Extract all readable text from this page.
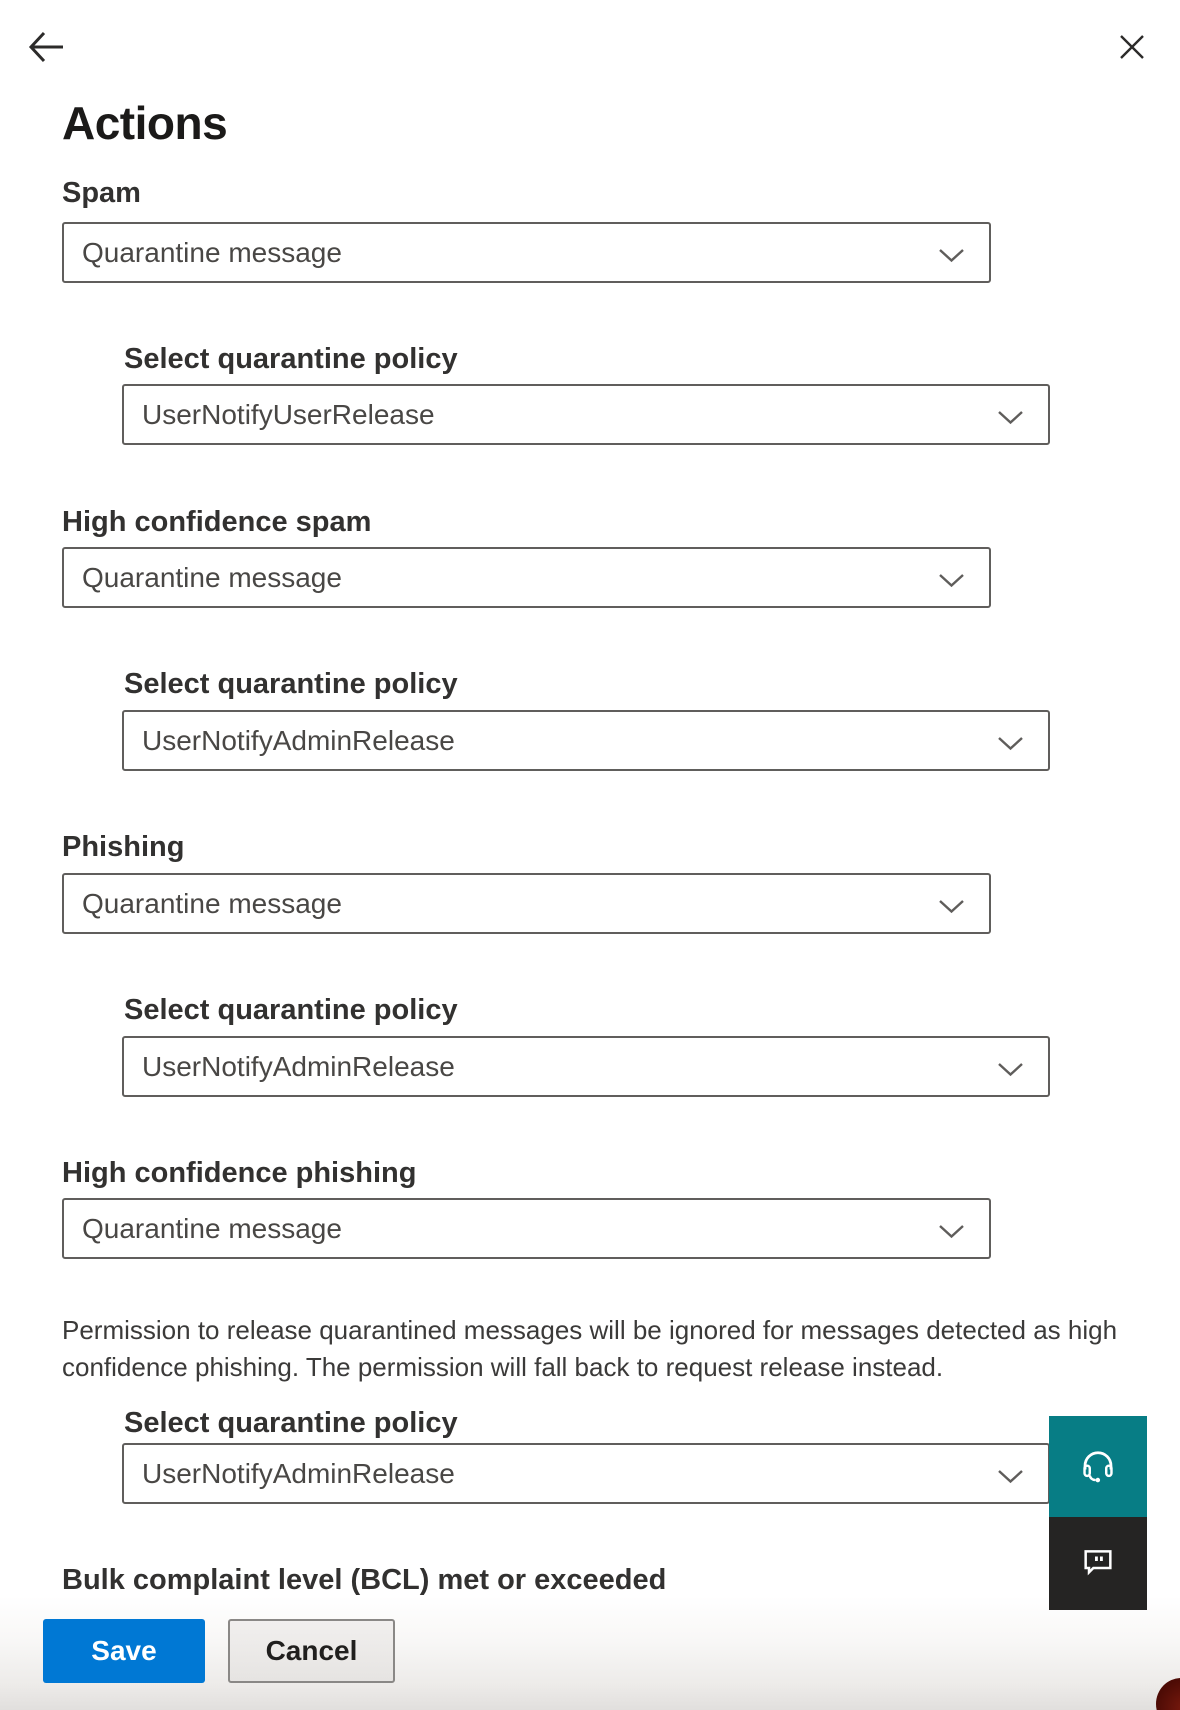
Actions
Spam
Quarantine message
Select quarantine policy
UserNotifyUserRelease
High confidence spam
Quarantine message
Select quarantine policy
UserNotifyAdminRelease
Phishing
Quarantine message
Select quarantine policy
UserNotifyAdminRelease
High confidence phishing
Quarantine message
Permission to release quarantined messages will be ignored for messages detected as high confidence phishing. The permission will fall back to request release instead.
Select quarantine policy
UserNotifyAdminRelease
Bulk complaint level (BCL) met or exceeded
Save	Cancel
